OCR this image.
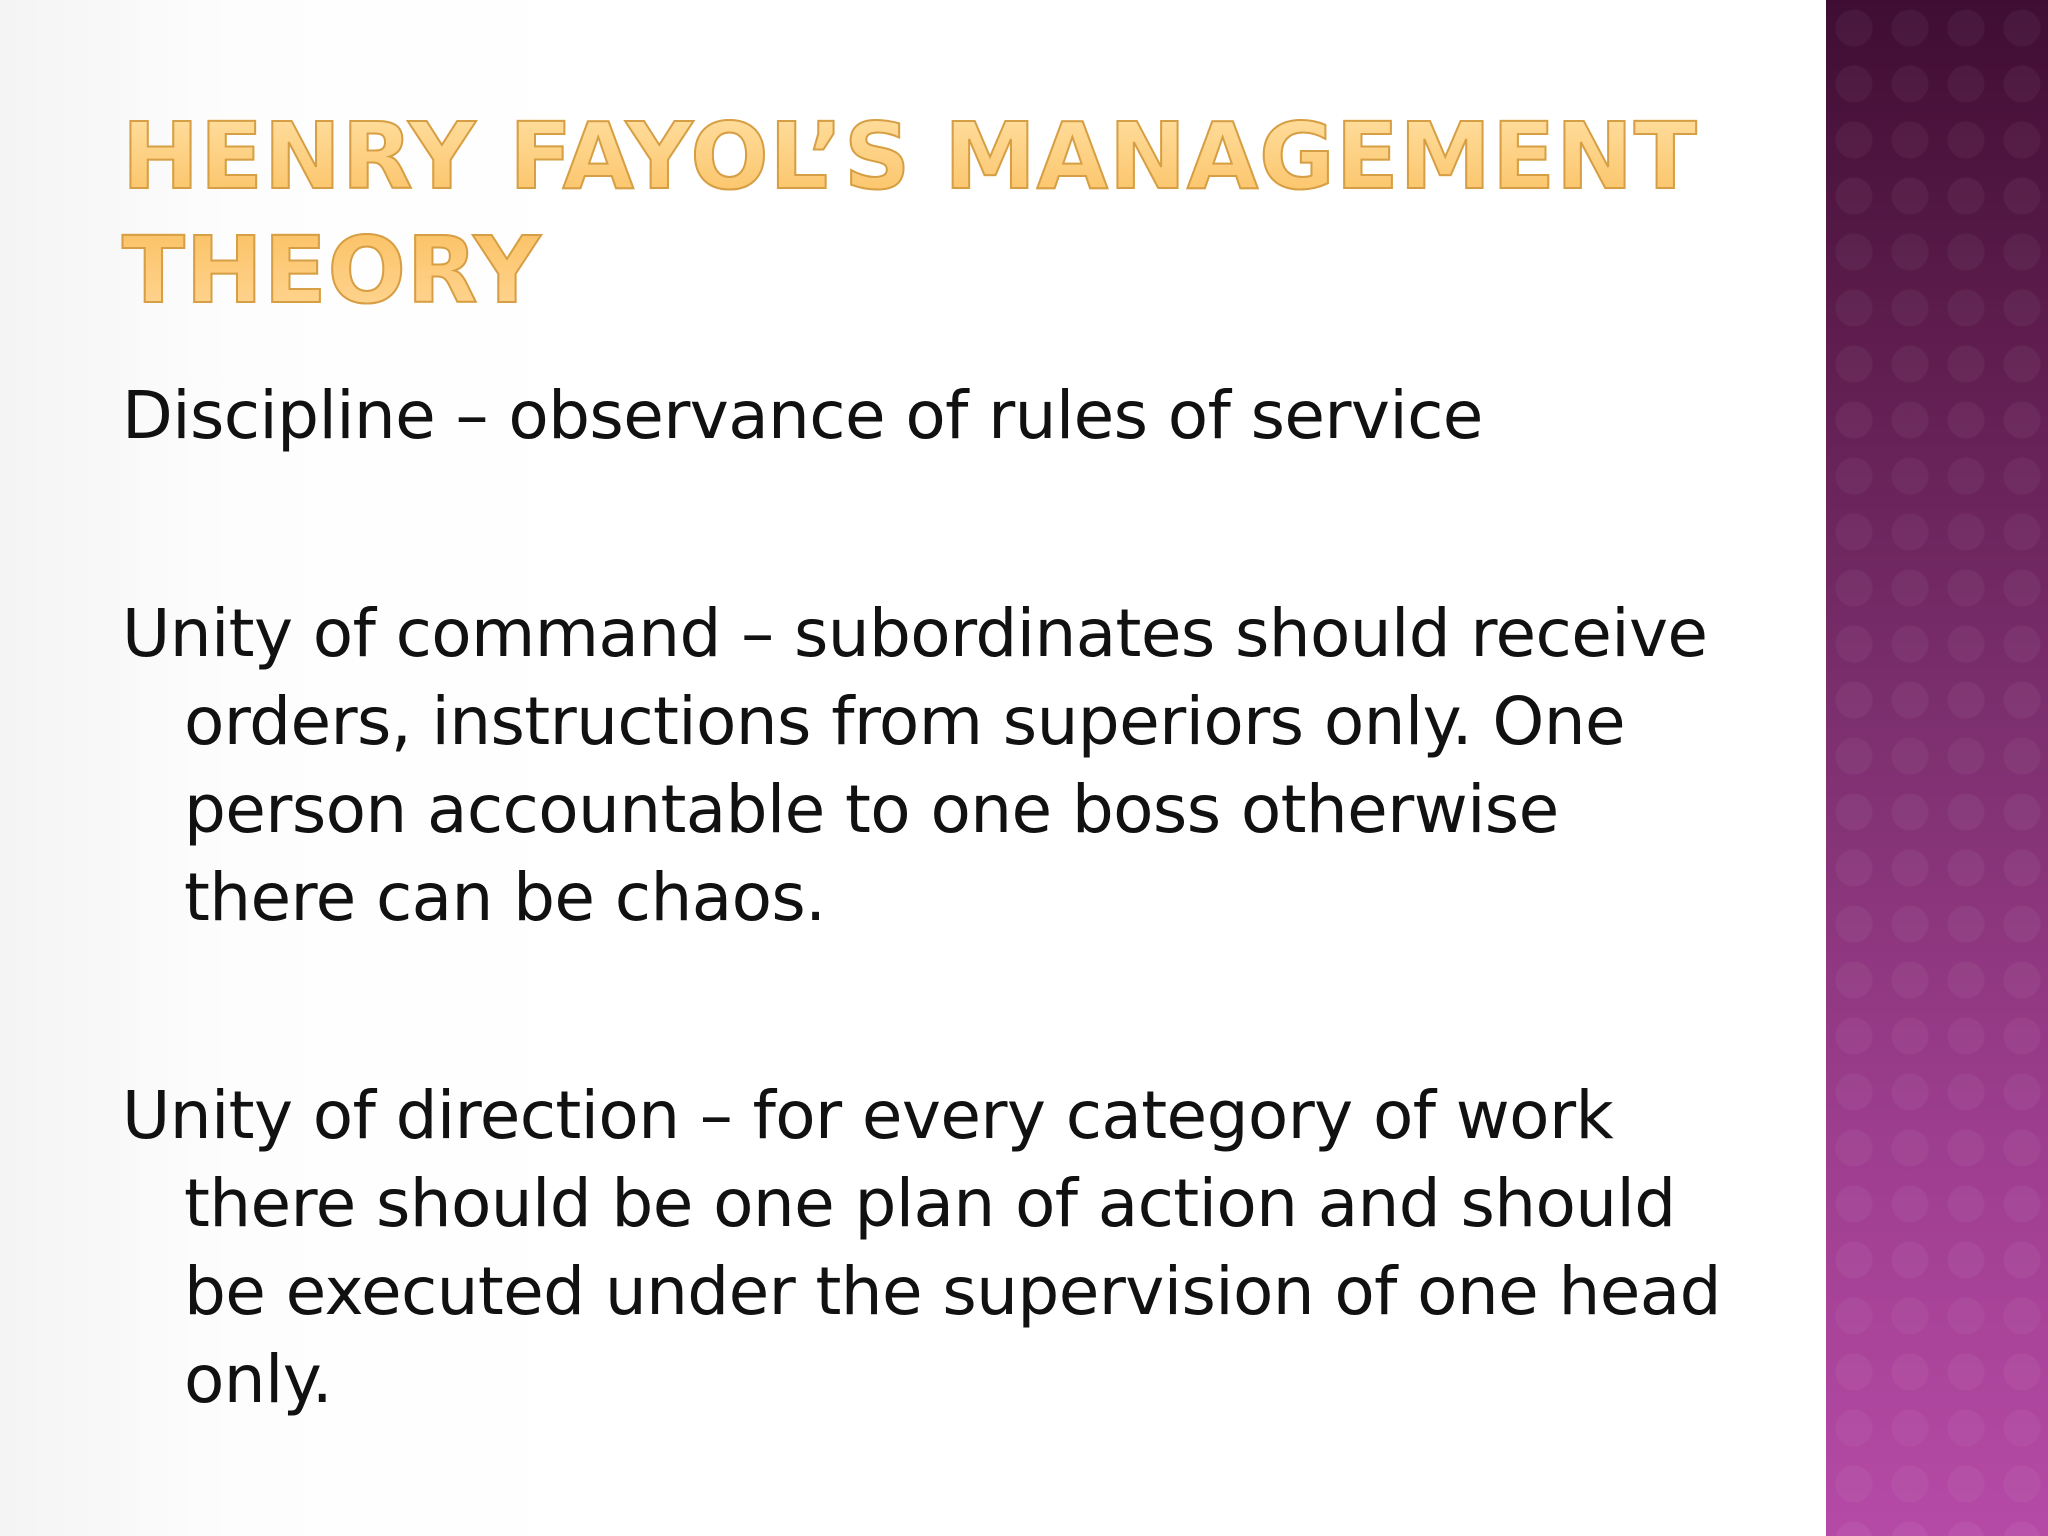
HENRY FAYOL’S MANAGEMENT THEORY
Discipline – observance of rules of service
Unity of command – subordinates should receive orders, instructions from superiors only. One person accountable to one boss otherwise there can be chaos.
Unity of direction – for every category of work there should be one plan of action and should be executed under the supervision of one head only.
